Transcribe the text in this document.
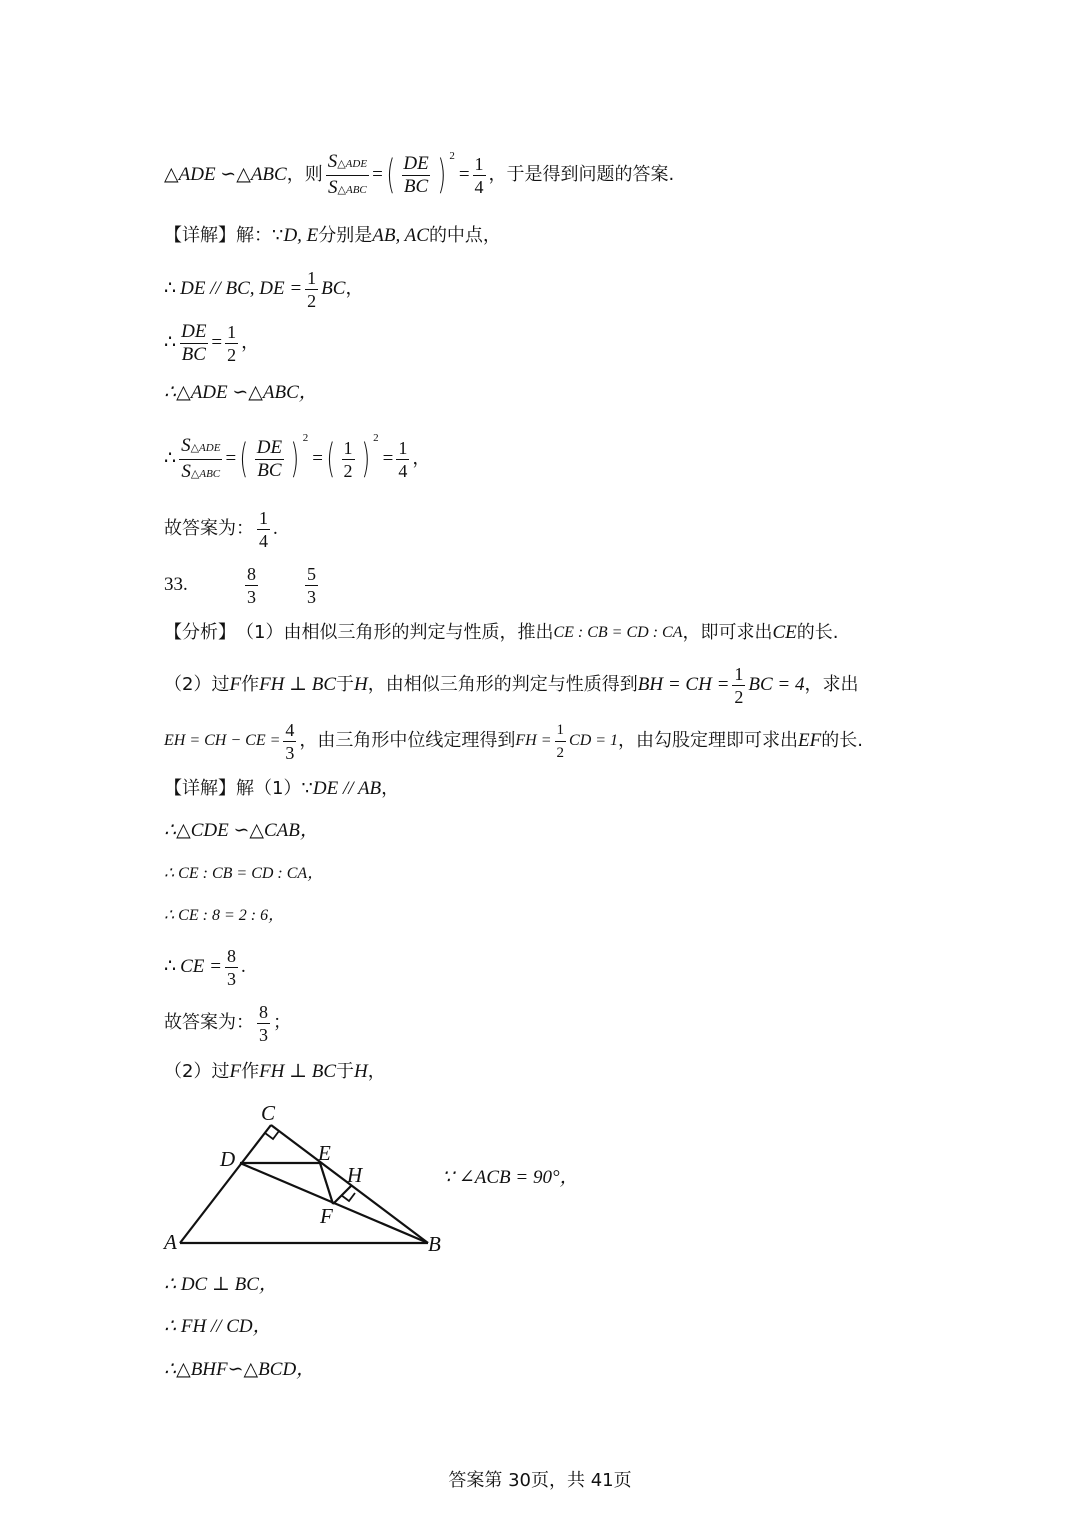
△ADE ∽△ABC ，则 $\frac{\text{S△ADE}}{\text{S△ABC}}$ = ( $\frac{DE}{BC}$ ) 2
= $\frac{1}{4}$ ，于是得到问题的答案.
【详解】 解：∵ D, E 分别是 AB, AC 的中点，
∴ DE // BC, DE = $\frac{1}{2}$ BC ，
∴ $\frac{DE}{BC} = \frac{1}{2}$ ，
∴△ADE ∽△ABC，
∴ $\frac{\text{S△ADE}}{\text{S△ABC}}$ = ( $\frac{DE}{BC}$ ) 2
= ( $\frac{1}{2}$ ) 2
= $\frac{1}{4}$ ，
故答案为： $\frac{1}{4}$ .
33.	$\frac{8}{3}$	$\frac{5}{3}$
【分析】 （1）由相似三角形的判定与性质，推出 CE : CB = CD : CA ，即可求出 CE 的长.
（2）过 F 作 FH ⊥ BC 于 H ，由相似三角形的判定与性质得到 BH = CH = $\frac{1}{2}$ BC = 4 ，求出
EH = CH − CE = $\frac{4}{3}$ ，由三角形中位线定理得到 FH = $\frac{1}{2}$ CD = 1 ，由勾股定理即可求出 EF 的长.
【详解】 解（1）∵ DE // AB ，
∴△CDE ∽△CAB，
∴ CE : CB = CD : CA，
∴ CE : 8 = 2 : 6，
∴ CE = $\frac{8}{3}$ .
故答案为： $\frac{8}{3}$ ；
（2）过 F 作 FH ⊥ BC 于 H ，
C
D	E
H
F
A	B
∵ ∠ACB = 90°，
∴ DC ⊥ BC，
∴ FH // CD，
∴△BHF∽△BCD，
答案第 30页，共 41页
